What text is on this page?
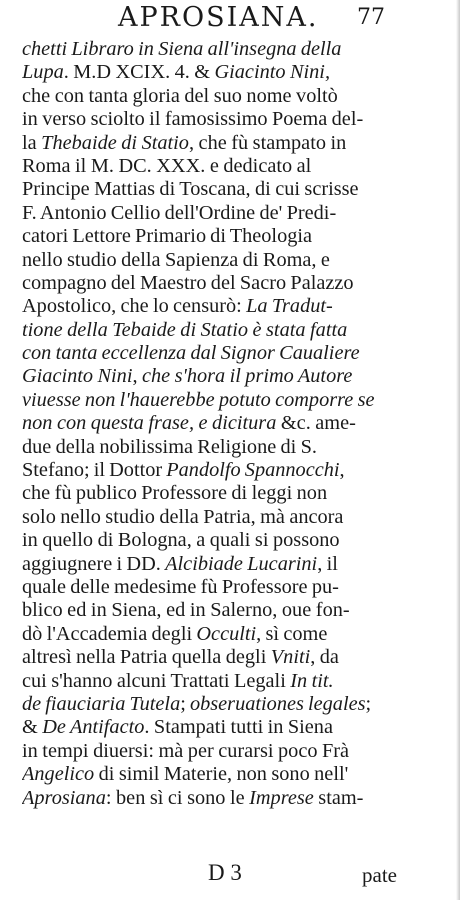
APROSIANA. 77
chetti Libraro in Siena all'insegna della
Lupa. M.D XCIX. 4. & Giacinto Nini,
che con tanta gloria del suo nome voltò
in verso sciolto il famosissimo Poema del-
la Thebaide di Statio, che fù stampato in
Roma il M. DC. XXX. e dedicato al
Principe Mattias di Toscana, di cui scrisse
F. Antonio Cellio dell'Ordine de' Predi-
catori Lettore Primario di Theologia
nello studio della Sapienza di Roma, e
compagno del Maestro del Sacro Palazzo
Apostolico, che lo censurò: La Tradut-
tione della Tebaide di Statio è stata fatta
con tanta eccellenza dal Signor Caualiere
Giacinto Nini, che s'hora il primo Autore
viuesse non l'hauerebbe potuto comporre se
non con questa frase, e dicitura &c. ame-
due della nobilissima Religione di S.
Stefano; il Dottor Pandolfo Spannocchi,
che fù publico Professore di leggi non
solo nello studio della Patria, mà ancora
in quello di Bologna, a quali si possono
aggiugnere i DD. Alcibiade Lucarini, il
quale delle medesime fù Professore pu-
blico ed in Siena, ed in Salerno, oue fon-
dò l'Accademia degli Occulti, sì come
altresì nella Patria quella degli Vniti, da
cui s'hanno alcuni Trattati Legali In tit.
de fiauciaria Tutela; obseruationes legales;
& De Antifacto. Stampati tutti in Siena
in tempi diuersi: mà per curarsi poco Frà
Angelico di simil Materie, non sono nell'
Aprosiana: ben sì ci sono le Imprese stam-
D 3	pate
